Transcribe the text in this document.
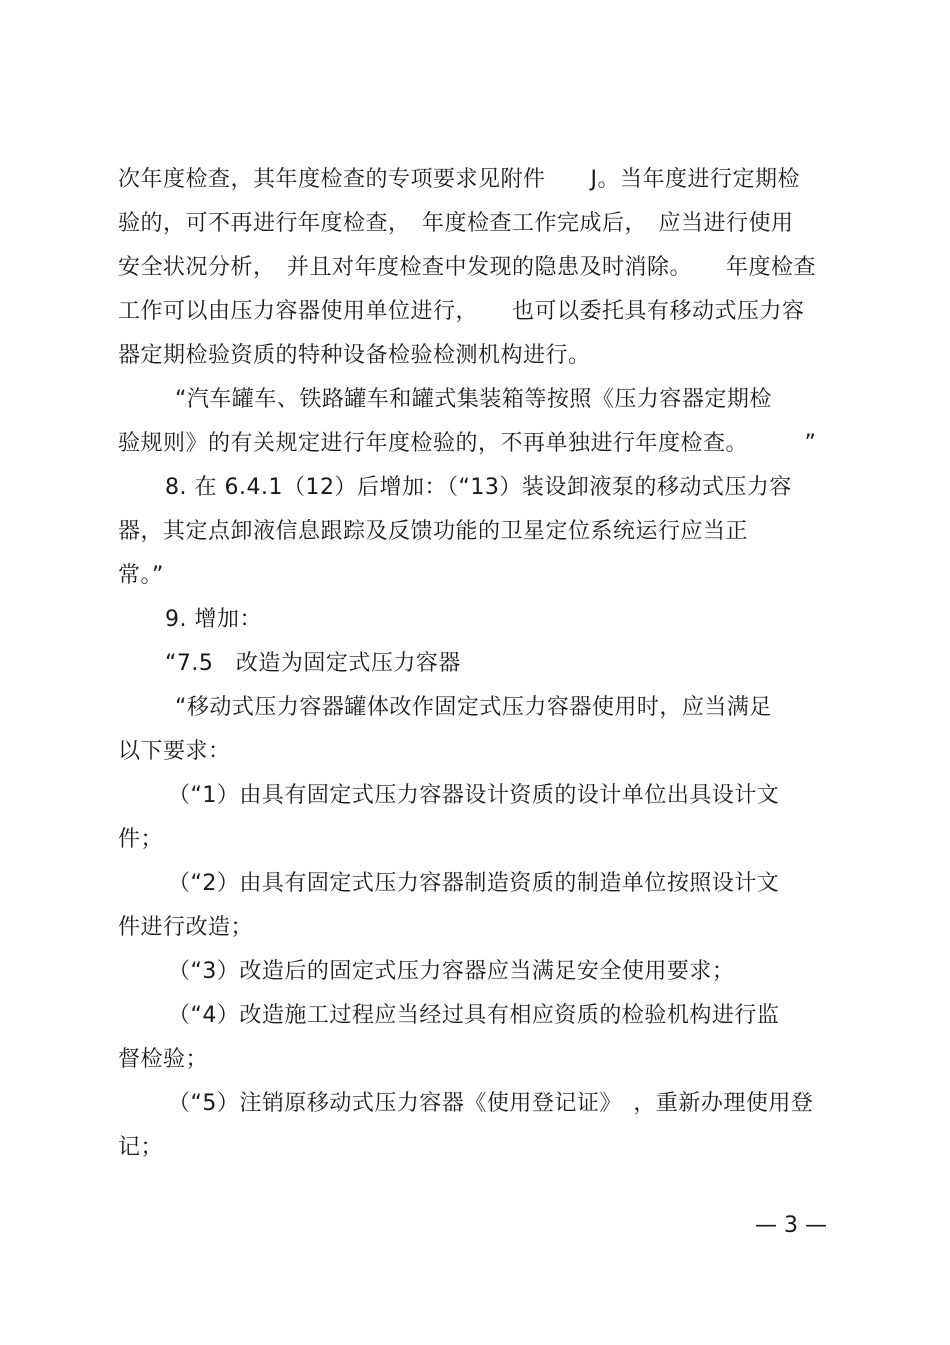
次年度检查，其年度检查的专项要求见附件　　J。当年度进行定期检
验的，可不再进行年度检查，　年度检查工作完成后，　应当进行使用
安全状况分析，　并且对年度检查中发现的隐患及时消除。　　年度检查
工作可以由压力容器使用单位进行，　　也可以委托具有移动式压力容
器定期检验资质的特种设备检验检测机构进行。
“汽车罐车、铁路罐车和罐式集装箱等按照《压力容器定期检
验规则》的有关规定进行年度检验的，不再单独进行年度检查。　　　”
8. 在 6.4.1（12）后增加：（“13）装设卸液泵的移动式压力容
器，其定点卸液信息跟踪及反馈功能的卫星定位系统运行应当正
常。”
9. 增加：
“7.5　改造为固定式压力容器
“移动式压力容器罐体改作固定式压力容器使用时，应当满足
以下要求：
（“1）由具有固定式压力容器设计资质的设计单位出具设计文
件；
（“2）由具有固定式压力容器制造资质的制造单位按照设计文
件进行改造；
（“3）改造后的固定式压力容器应当满足安全使用要求；
（“4）改造施工过程应当经过具有相应资质的检验机构进行监
督检验；
（“5）注销原移动式压力容器《使用登记证》　，重新办理使用登
记；
— 3 —
